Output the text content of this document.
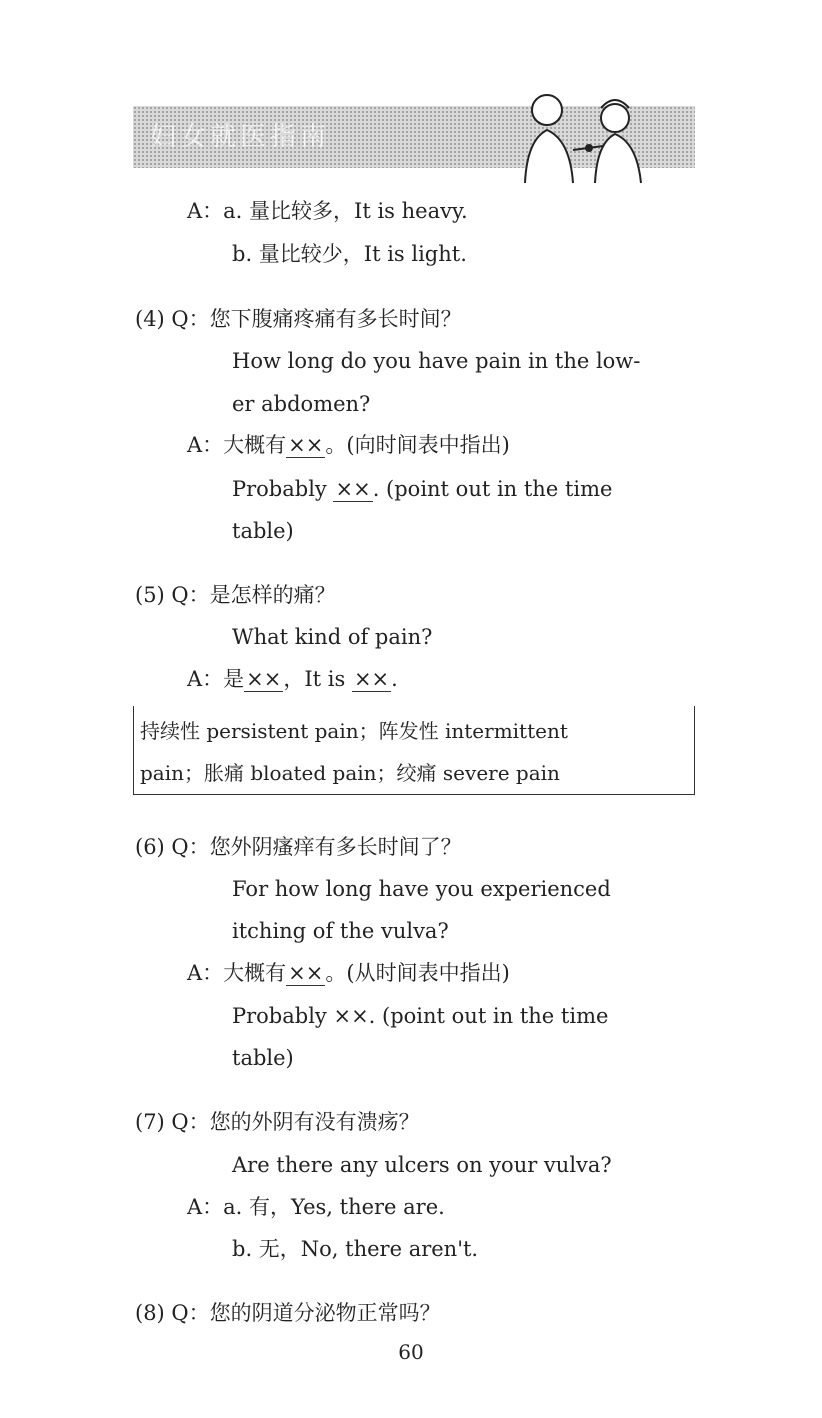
妇女就医指南
A：a. 量比较多，It is heavy.
b. 量比较少，It is light.
(4) Q：您下腹痛疼痛有多长时间？
How long do you have pain in the low-
er abdomen?
A：大概有××。(向时间表中指出)
Probably ××. (point out in the time
table)
(5) Q：是怎样的痛？
What kind of pain?
A：是××，It is ××.
持续性 persistent pain；阵发性 intermittent
pain；胀痛 bloated pain；绞痛 severe pain
(6) Q：您外阴瘙痒有多长时间了？
For how long have you experienced
itching of the vulva?
A：大概有××。(从时间表中指出)
Probably ××. (point out in the time
table)
(7) Q：您的外阴有没有溃疡？
Are there any ulcers on your vulva?
A：a. 有，Yes, there are.
b. 无，No, there aren't.
(8) Q：您的阴道分泌物正常吗？
60
